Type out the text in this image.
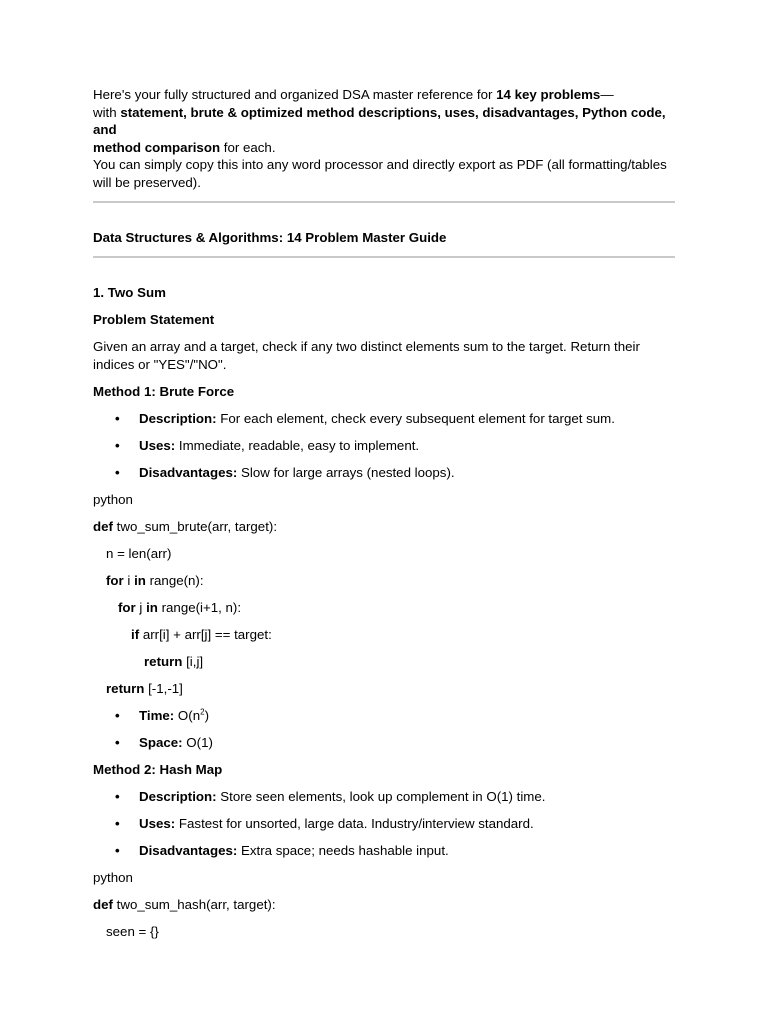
Here's your fully structured and organized DSA master reference for 14 key problems—

with statement, brute & optimized method descriptions, uses, disadvantages, Python code, and

method comparison for each.

You can simply copy this into any word processor and directly export as PDF (all formatting/tables will be preserved).

Data Structures & Algorithms: 14 Problem Master Guide

1. Two Sum

Problem Statement

Given an array and a target, check if any two distinct elements sum to the target. Return their indices or "YES"/"NO".

Method 1: Brute Force

• Description: For each element, check every subsequent element for target sum.
• Uses: Immediate, readable, easy to implement.
• Disadvantages: Slow for large arrays (nested loops).

python

def two_sum_brute(arr, target):
n = len(arr)
for i in range(n):
for j in range(i+1, n):
if arr[i] + arr[j] == target:
return [i,j]
return [-1,-1]
• Time: $O(n^2)$
• Space: O(1)

Method 2: Hash Map

• Description: Store seen elements, look up complement in O(1) time.
• Uses: Fastest for unsorted, large data. Industry/interview standard.
• Disadvantages: Extra space; needs hashable input.

python

def two_sum_hash(arr, target):
seen = {}
